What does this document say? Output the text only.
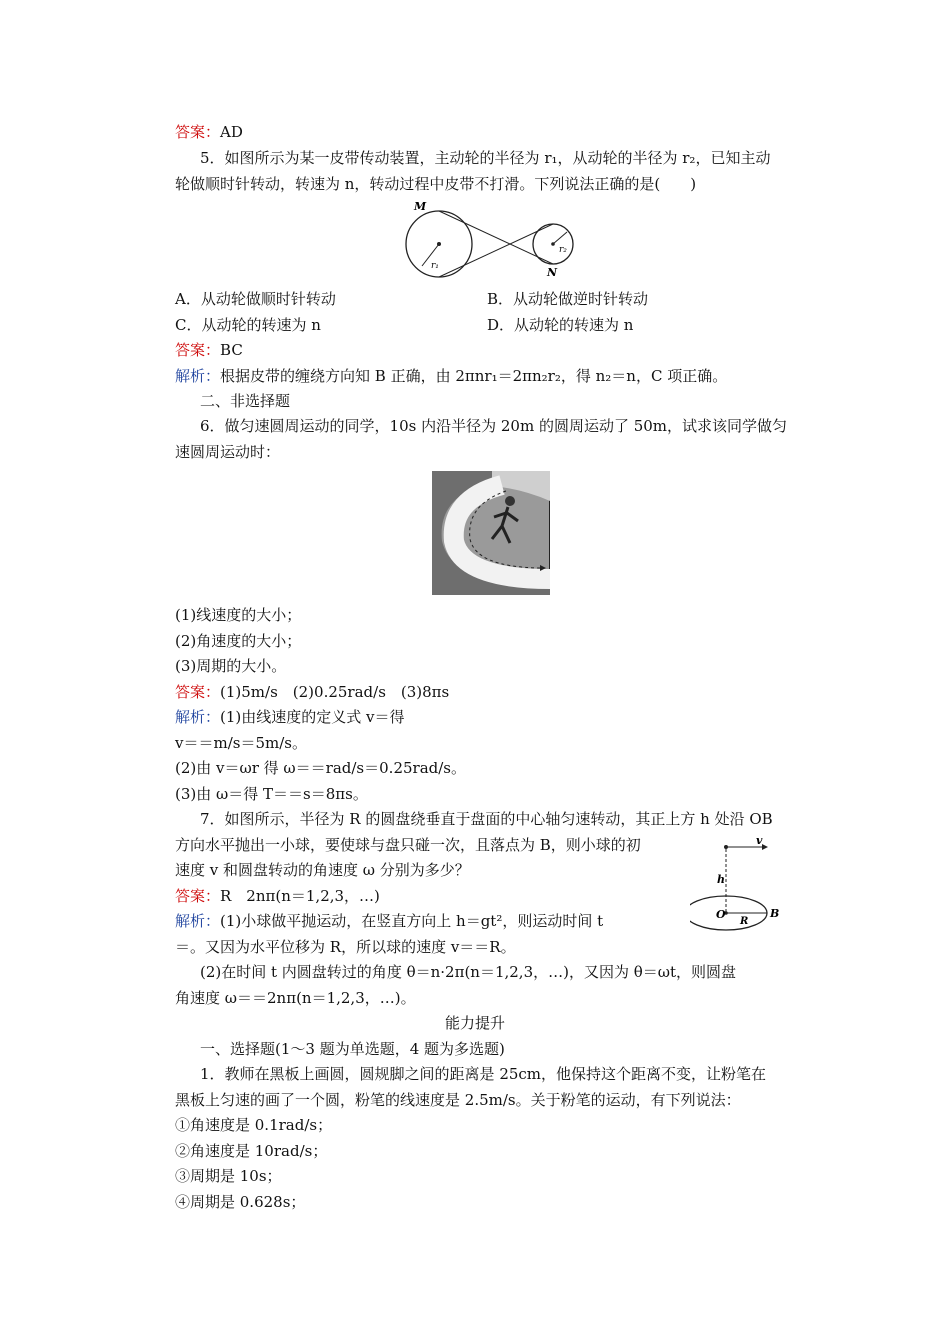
答案：AD
5．如图所示为某一皮带传动装置，主动轮的半径为 r₁，从动轮的半径为 r₂，已知主动
轮做顺时针转动，转速为 n，转动过程中皮带不打滑。下列说法正确的是(　　)
M
N
r₁
r₂
A．从动轮做顺时针转动	B．从动轮做逆时针转动
C．从动轮的转速为 n	D．从动轮的转速为 n
答案：BC
解析：根据皮带的缠绕方向知 B 正确，由 2πnr₁＝2πn₂r₂，得 n₂＝n，C 项正确。
二、非选择题
6．做匀速圆周运动的同学，10s 内沿半径为 20m 的圆周运动了 50m，试求该同学做匀
速圆周运动时：
(1)线速度的大小；
(2)角速度的大小；
(3)周期的大小。
答案：(1)5m/s　(2)0.25rad/s　(3)8πs
解析：(1)由线速度的定义式 v＝得
v＝＝m/s＝5m/s。
(2)由 v＝ωr 得 ω＝＝rad/s＝0.25rad/s。
(3)由 ω＝得 T＝＝s＝8πs。
7．如图所示，半径为 R 的圆盘绕垂直于盘面的中心轴匀速转动，其正上方 h 处沿 OB
方向水平抛出一小球，要使球与盘只碰一次，且落点为 B，则小球的初
速度 v 和圆盘转动的角速度 ω 分别为多少？
v
h
O
R
B
答案：R　2nπ(n＝1,2,3，…)
解析：(1)小球做平抛运动，在竖直方向上 h＝gt²，则运动时间 t
＝。又因为水平位移为 R，所以球的速度 v＝＝R。
(2)在时间 t 内圆盘转过的角度 θ＝n·2π(n＝1,2,3，…)，又因为 θ＝ωt，则圆盘
角速度 ω＝＝2nπ(n＝1,2,3，…)。
能力提升
一、选择题(1～3 题为单选题，4 题为多选题)
1．教师在黑板上画圆，圆规脚之间的距离是 25cm，他保持这个距离不变，让粉笔在
黑板上匀速的画了一个圆，粉笔的线速度是 2.5m/s。关于粉笔的运动，有下列说法：
①角速度是 0.1rad/s；
②角速度是 10rad/s；
③周期是 10s；
④周期是 0.628s；
